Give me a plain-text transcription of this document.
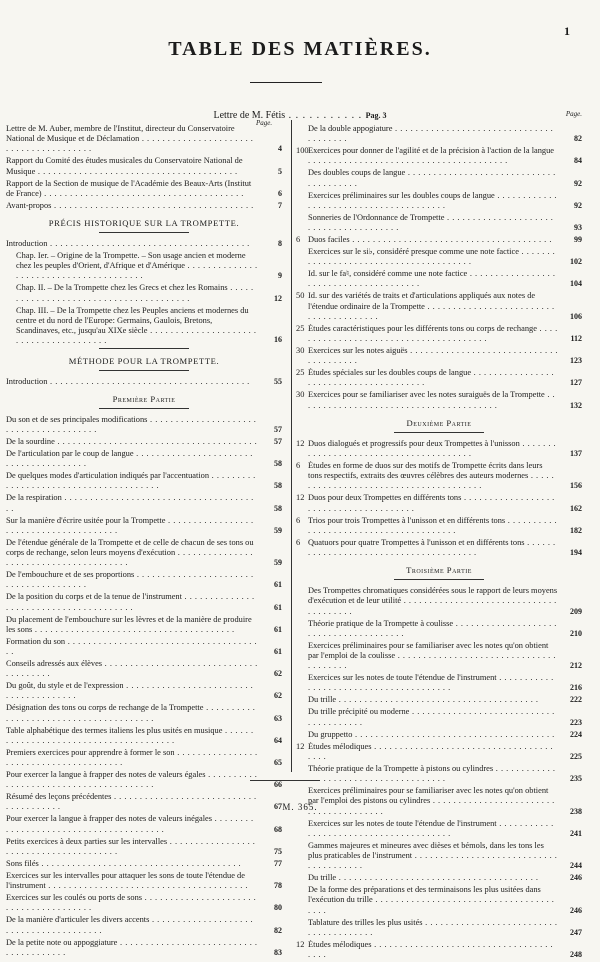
1
TABLE DES MATIÈRES.
Lettre de M. Fétis . . . . . . . . . . . Pag. 3
Page.
Page.
Lettre de M. Auber, membre de l'Institut, directeur du Conservatoire National de Musique et de Déclamation . . .
4
Rapport du Comité des études musicales du Conservatoire National de Musique . . .	5
Rapport de la Section de musique de l'Académie des Beaux-Arts (Institut de France) . . .	6
Avant-propos . . .	7
PRÉCIS HISTORIQUE SUR LA TROMPETTE.
Introduction . . .	8
Chap. Ier. – Origine de la Trompette. – Son usage ancien et moderne chez les peuples d'Orient, d'Afrique et d'Amérique . . .
9
Chap. II. – De la Trompette chez les Grecs et chez les Romains . . .
12
Chap. III. – De la Trompette chez les Peuples anciens et modernes du centre et du nord de l'Europe: Germains, Gaulois, Bretons, Scandinaves, etc., jusqu'au XIXe siècle . . .
16
MÉTHODE POUR LA TROMPETTE.
Introduction . . .	55
Première Partie
Du son et de ses principales modifications . . .
57
De la sourdine . . .	57
De l'articulation par le coup de langue . . .
58
De quelques modes d'articulation indiqués par l'accentuation . . .
58
De la respiration . . .
58
Sur la manière d'écrire usitée pour la Trompette . . .
59
De l'étendue générale de la Trompette et de celle de chacun de ses tons ou corps de rechange, selon leurs moyens d'exécution . . .
59
De l'embouchure et de ses proportions . . .
61
De la position du corps et de la tenue de l'instrument . . .
61
Du placement de l'embouchure sur les lèvres et de la manière de produire les sons . . .	61
Formation du son . . .
61
Conseils adressés aux élèves . . .
62
Du goût, du style et de l'expression . . .
62
Désignation des tons ou corps de rechange de la Trompette . . .
63
Table alphabétique des termes italiens les plus usités en musique . . .
64
Premiers exercices pour apprendre à former le son . . .
65
Pour exercer la langue à frapper des notes de valeurs égales . . .
66
Résumé des leçons précédentes . . .
67
Pour exercer la langue à frapper des notes de valeurs inégales . . .
68
Petits exercices à deux parties sur les intervalles . . .
75
Sons filés . . .	77
Exercices sur les intervalles pour attaquer les sons de toute l'étendue de l'instrument . . .	78
Exercices sur les coulés ou ports de sons . . .
80
De la manière d'articuler les divers accents . . .
82
De la petite note ou appoggiature . . .
83
De la double appogiature . . .
82
100 Exercices pour donner de l'agilité et de la précision à l'action de la langue . . .
84
Des doubles coups de langue . . .
92
Exercices préliminaires sur les doubles coups de langue . . .
92
Sonneries de l'Ordonnance de Trompette . . .
93
6 Duos faciles . . .	99
Exercices sur le si♭, considéré presque comme une note factice . . .
102
Id. sur le fa♮, considéré comme une note factice . . .
104
50 Id. sur des variétés de traits et d'articulations appliqués aux notes de l'étendue ordinaire de la Trompette . . .
106
25 Études caractéristiques pour les différents tons ou corps de rechange . . .
112
30 Exercices sur les notes aiguës . . .
123
25 Études spéciales sur les doubles coups de langue . . .
127
30 Exercices pour se familiariser avec les notes suraiguës de la Trompette . . .
132
Deuxième Partie
12 Duos dialogués et progressifs pour deux Trompettes à l'unisson . . .
137
6 Études en forme de duos sur des motifs de Trompette écrits dans leurs tons respectifs, extraits des œuvres célèbres des auteurs modernes . . .
156
12 Duos pour deux Trompettes en différents tons . . .
162
6 Trios pour trois Trompettes à l'unisson et en différents tons . . .
182
6 Quatuors pour quatre Trompettes à l'unisson et en différents tons . . .
194
Troisième Partie
Des Trompettes chromatiques considérées sous le rapport de leurs moyens d'exécution et de leur utilité . . .
209
Théorie pratique de la Trompette à coulisse . . .
210
Exercices préliminaires pour se familiariser avec les notes qu'on obtient par l'emploi de la coulisse . . .
212
Exercices sur les notes de toute l'étendue de l'instrument . . .
216
Du trille . . .	222
Du trille précipité ou moderne . . .
223
Du gruppetto . . .	224
12 Études mélodiques . . .
225
Théorie pratique de la Trompette à pistons ou cylindres . . .
235
Exercices préliminaires pour se familiariser avec les notes qu'on obtient par l'emploi des pistons ou cylindres . . .
238
Exercices sur les notes de toute l'étendue de l'instrument . . .
241
Gammes majeures et mineures avec dièses et bémols, dans les tons les plus praticables de l'instrument . . .
244
Du trille . . .	246
De la forme des préparations et des terminaisons les plus usitées dans l'exécution du trille . . .
246
Tablature des trilles les plus usités . . .
247
12 Études mélodiques . . .
248
M. 365.
